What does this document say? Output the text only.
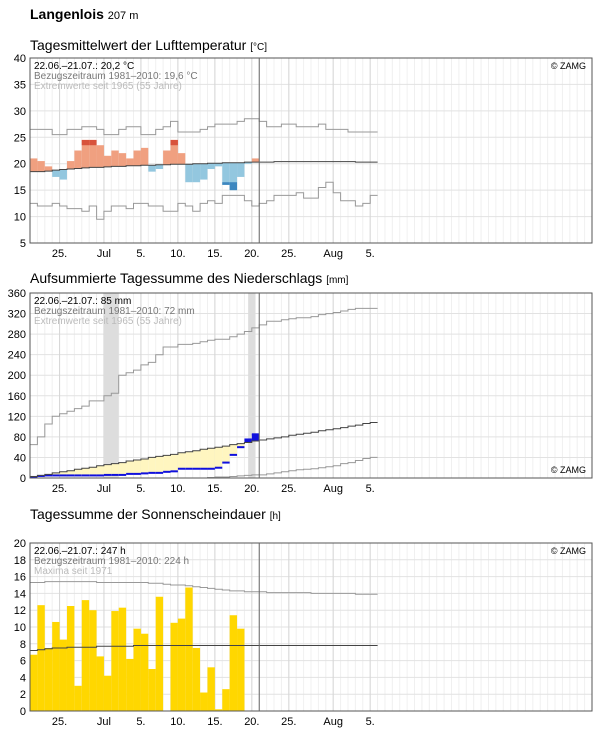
Langenlois 207 m
Tagesmittelwert der Lufttemperatur [°C]
Aufsummierte Tagessumme des Niederschlags [mm]
Tagessumme der Sonnenscheindauer [h]
5
10
15
20
25
30
35
40
25.	Jul 5. 10. 15. 20. 25. Aug 5.
22.06.–21.07.: 20,2 °C
Bezugszeitraum 1981–2010: 19,6 °C
Extremwerte seit 1965 (55 Jahre)
© ZAMG
0
40
80
120
160
200
240
280
320
360
25.	Jul 5. 10. 15. 20. 25. Aug 5.
22.06.–21.07.: 85 mm
Bezugszeitraum 1981–2010: 72 mm
Extremwerte seit 1965 (55 Jahre)
© ZAMG
0
2
4
6
8
10
12
14
16
18
20
25.	Jul 5. 10. 15. 20. 25. Aug 5.
22.06.–21.07.: 247 h
Bezugszeitraum 1981–2010: 224 h
Maxima seit 1971
© ZAMG
